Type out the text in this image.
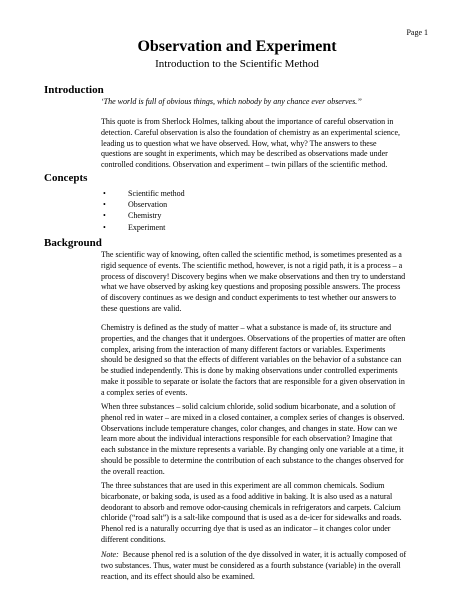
Page 1
Observation and Experiment
Introduction to the Scientific Method
Introduction
‘The world is full of obvious things, which nobody by any chance ever observes.’’
This quote is from Sherlock Holmes, talking about the importance of careful observation in
detection. Careful observation is also the foundation of chemistry as an experimental science,
leading us to question what we have observed. How, what, why? The answers to these
questions are sought in experiments, which may be described as observations made under
controlled conditions. Observation and experiment – twin pillars of the scientific method.
Concepts
•	Scientific method
•	Observation
•	Chemistry
•	Experiment
Background
The scientific way of knowing, often called the scientific method, is sometimes presented as a
rigid sequence of events. The scientific method, however, is not a rigid path, it is a process – a
process of discovery! Discovery begins when we make observations and then try to understand
what we have observed by asking key questions and proposing possible answers. The process
of discovery continues as we design and conduct experiments to test whether our answers to
these questions are valid.
Chemistry is defined as the study of matter – what a substance is made of, its structure and
properties, and the changes that it undergoes. Observations of the properties of matter are often
complex, arising from the interaction of many different factors or variables. Experiments
should be designed so that the effects of different variables on the behavior of a substance can
be studied independently. This is done by making observations under controlled experiments
make it possible to separate or isolate the factors that are responsible for a given observation in
a complex series of events.
When three substances – solid calcium chloride, solid sodium bicarbonate, and a solution of
phenol red in water – are mixed in a closed container, a complex series of changes is observed.
Observations include temperature changes, color changes, and changes in state. How can we
learn more about the individual interactions responsible for each observation? Imagine that
each substance in the mixture represents a variable. By changing only one variable at a time, it
should be possible to determine the contribution of each substance to the changes observed for
the overall reaction.
The three substances that are used in this experiment are all common chemicals. Sodium
bicarbonate, or baking soda, is used as a food additive in baking. It is also used as a natural
deodorant to absorb and remove odor-causing chemicals in refrigerators and carpets. Calcium
chloride (“road salt”) is a salt-like compound that is used as a de-icer for sidewalks and roads.
Phenol red is a naturally occurring dye that is used as an indicator – it changes color under
different conditions.
Note:  Because phenol red is a solution of the dye dissolved in water, it is actually composed of
two substances. Thus, water must be considered as a fourth substance (variable) in the overall
reaction, and its effect should also be examined.
